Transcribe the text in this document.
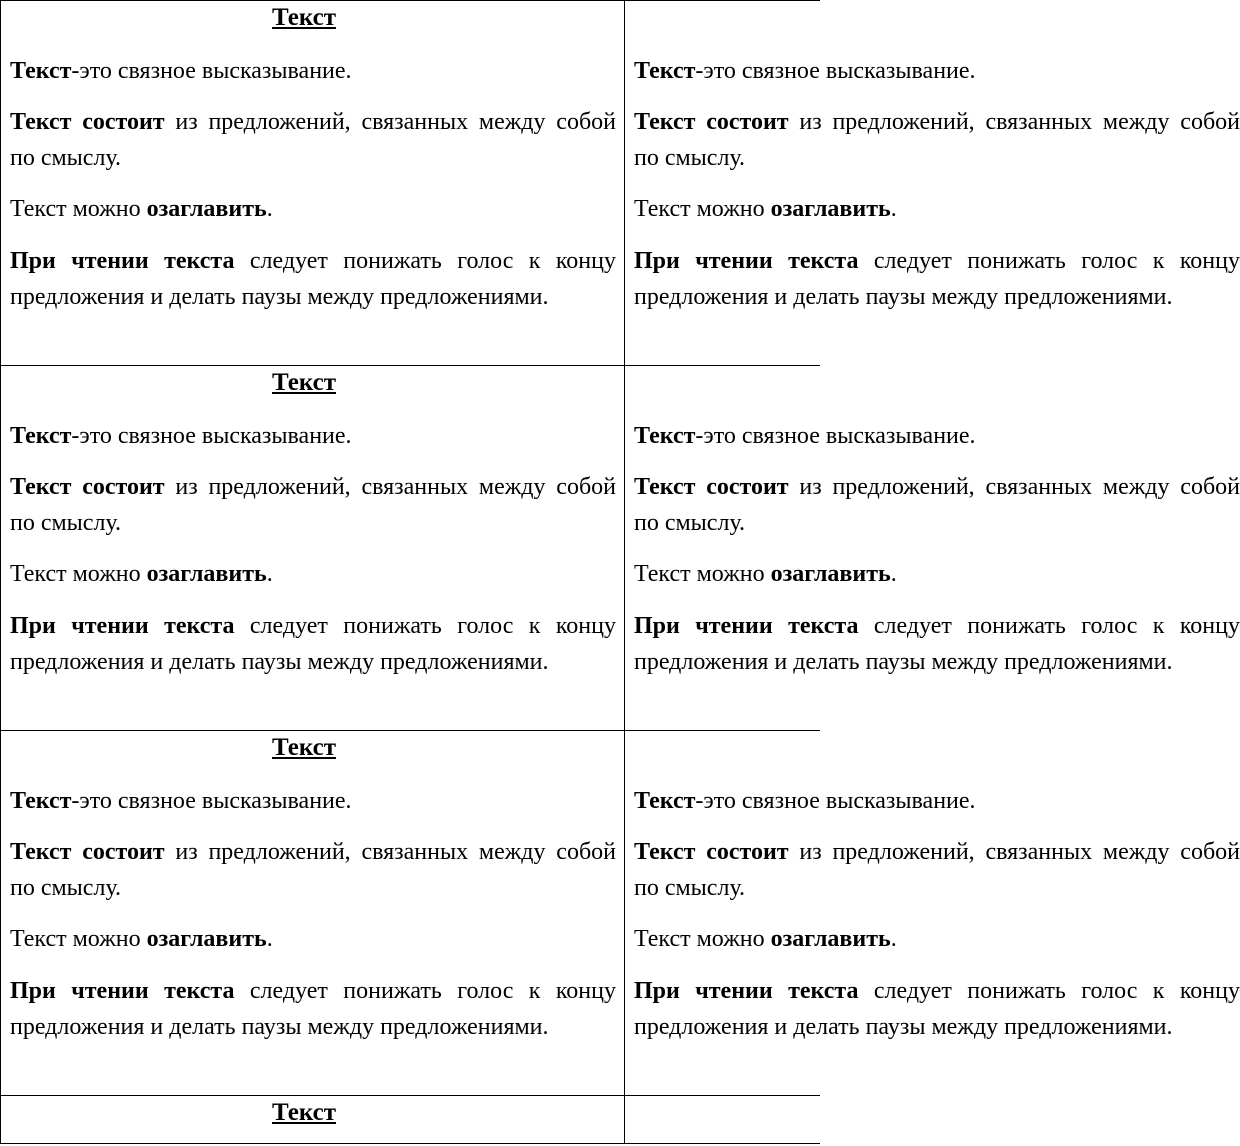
Текст

Текст-это связное высказывание.

Текст состоит из предложений, связанных между собой по смыслу.

Текст можно озаглавить.

При чтении текста следует понижать голос к концу предложения и делать паузы между предложениями.

Текст-это связное высказывание.

Текст состоит из предложений, связанных между собой по смыслу.

Текст можно озаглавить.

При чтении текста следует понижать голос к концу предложения и делать паузы между предложениями.

Текст

Текст-это связное высказывание.

Текст состоит из предложений, связанных между собой по смыслу.

Текст можно озаглавить.

При чтении текста следует понижать голос к концу предложения и делать паузы между предложениями.

Текст-это связное высказывание.

Текст состоит из предложений, связанных между собой по смыслу.

Текст можно озаглавить.

При чтении текста следует понижать голос к концу предложения и делать паузы между предложениями.

Текст

Текст-это связное высказывание.

Текст состоит из предложений, связанных между собой по смыслу.

Текст можно озаглавить.

При чтении текста следует понижать голос к концу предложения и делать паузы между предложениями.

Текст-это связное высказывание.

Текст состоит из предложений, связанных между собой по смыслу.

Текст можно озаглавить.

При чтении текста следует понижать голос к концу предложения и делать паузы между предложениями.

Текст
